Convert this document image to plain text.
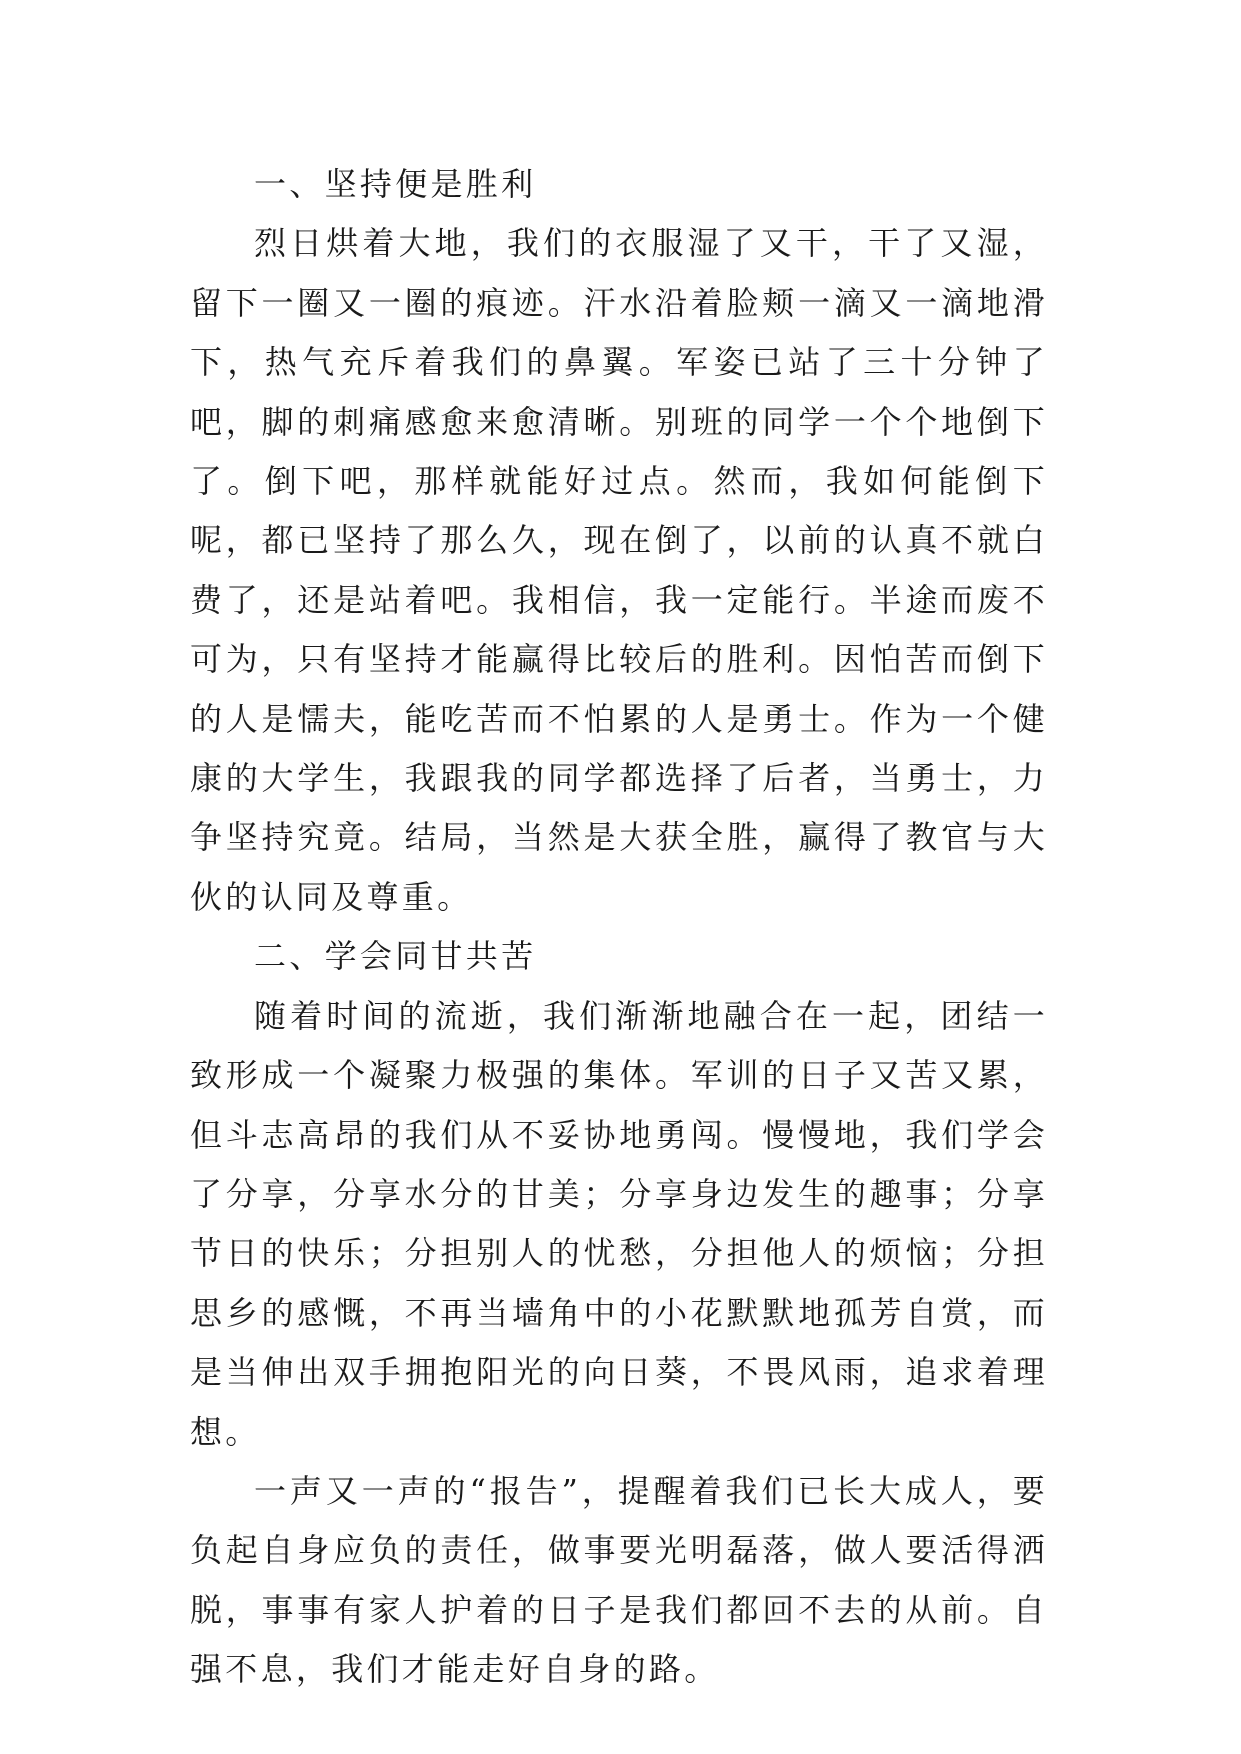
一、坚持便是胜利

烈日烘着大地，我们的衣服湿了又干，干了又湿，留下一圈又一圈的痕迹。汗水沿着脸颊一滴又一滴地滑下，热气充斥着我们的鼻翼。军姿已站了三十分钟了吧，脚的刺痛感愈来愈清晰。别班的同学一个个地倒下了。倒下吧，那样就能好过点。然而，我如何能倒下呢，都已坚持了那么久，现在倒了，以前的认真不就白费了，还是站着吧。我相信，我一定能行。半途而废不可为，只有坚持才能赢得比较后的胜利。因怕苦而倒下的人是懦夫，能吃苦而不怕累的人是勇士。作为一个健康的大学生，我跟我的同学都选择了后者，当勇士，力争坚持究竟。结局，当然是大获全胜，赢得了教官与大伙的认同及尊重。

二、学会同甘共苦

随着时间的流逝，我们渐渐地融合在一起，团结一致形成一个凝聚力极强的集体。军训的日子又苦又累，但斗志高昂的我们从不妥协地勇闯。慢慢地，我们学会了分享，分享水分的甘美；分享身边发生的趣事；分享节日的快乐；分担别人的忧愁，分担他人的烦恼；分担思乡的感慨，不再当墙角中的小花默默地孤芳自赏，而是当伸出双手拥抱阳光的向日葵，不畏风雨，追求着理想。

一声又一声的“报告”，提醒着我们已长大成人，要负起自身应负的责任，做事要光明磊落，做人要活得洒脱，事事有家人护着的日子是我们都回不去的从前。自强不息，我们才能走好自身的路。
